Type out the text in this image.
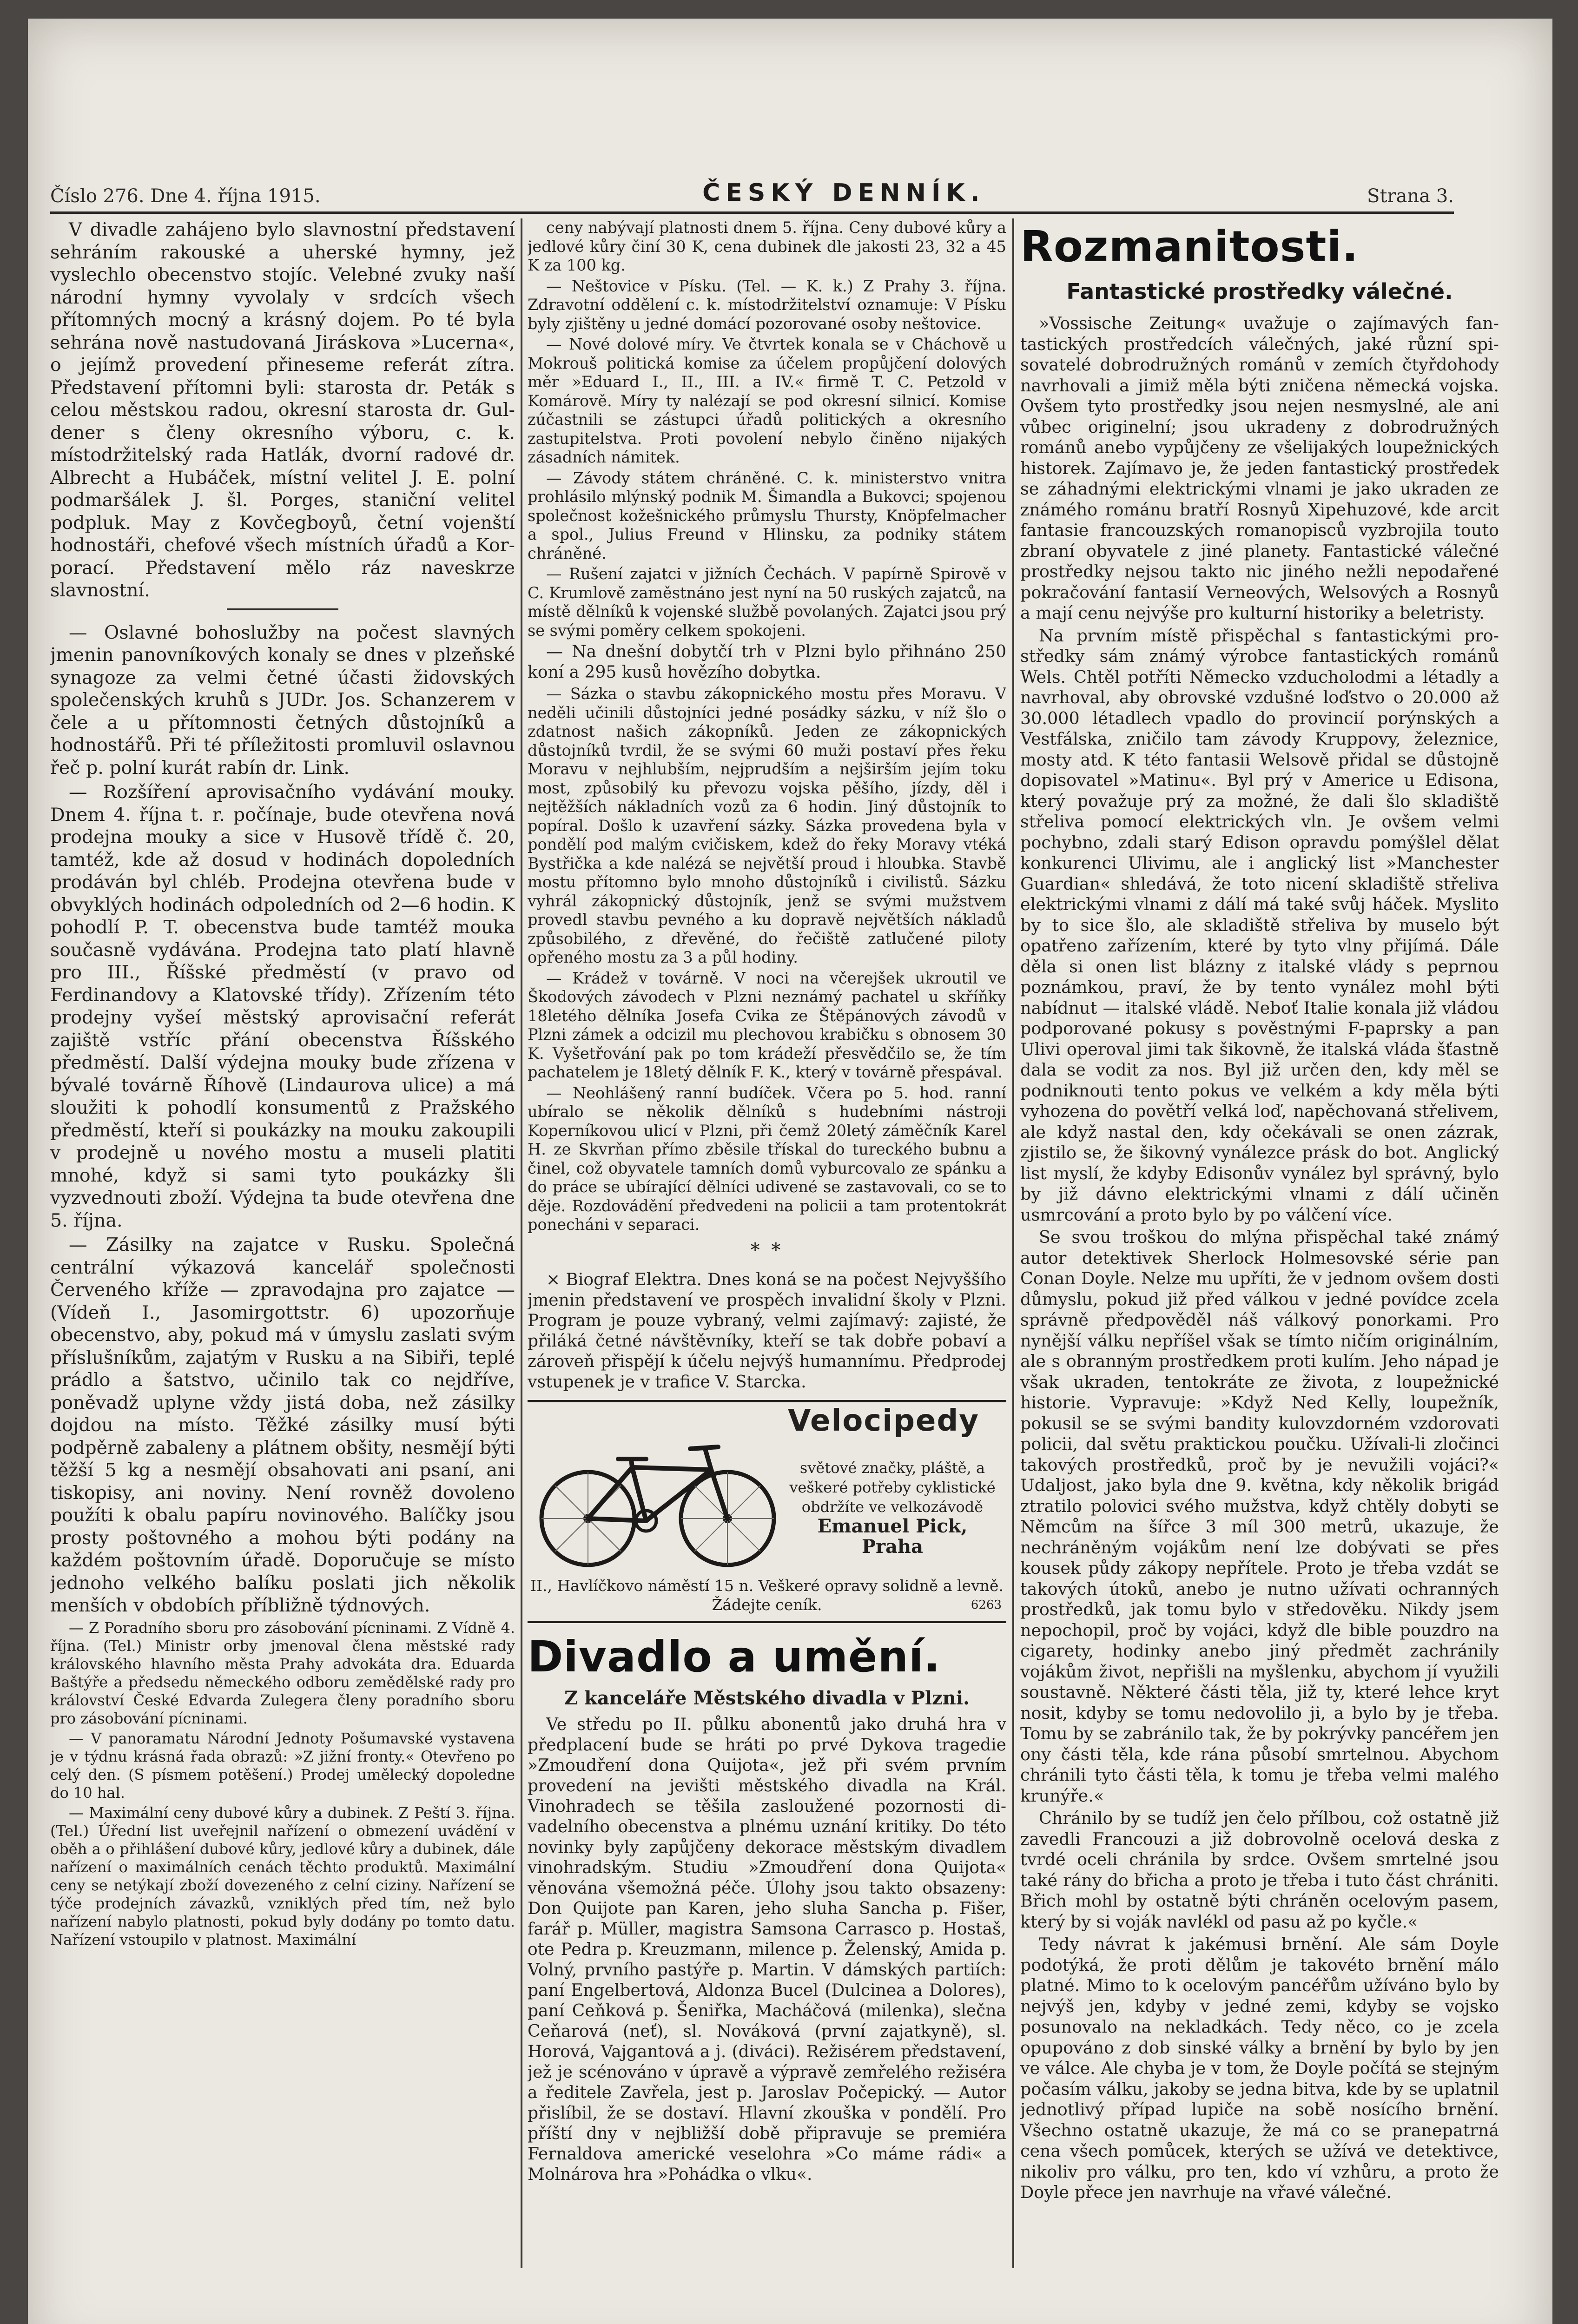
Číslo 276. Dne 4. října 1915.	ČESKÝ DENNÍK.	Strana 3.

V divadle zahájeno bylo slavnostní představení sehráním rakouské a uherské hymny, jež vyslechlo obecenstvo stojíc. Velebné zvuky naší národní hymny vyvolaly v srdcích všech přítomných mocný a krásný dojem. Po té byla sehrána nově nastudovaná Jiráskova »Lucerna«, o jejímž provedení přineseme referát zítra. Představení přítomni byli: starosta dr. Peták s celou městskou radou, okresní starosta dr. Guldener s členy okresního výboru, c. k. místodržitelský rada Hatlák, dvorní radové dr. Albrecht a Hubáček, místní velitel J. E. polní podmaršálek J. šl. Porges, staniční velitel podpluk. May z Kovčegboyů, četní vojenští hodnostáři, chefové všech místních úřadů a Korporací. Představení mělo ráz naveskrze slavnostní.

— Oslavné bohoslužby na počest slavných jmenin panovníkových konaly se dnes v plzeňské synagoze za velmi četné účasti židovských společenských kruhů s JUDr. Jos. Schanzerem v čele a u přítomnosti četných důstojníků a hodnostářů. Při té příležitosti promluvil oslavnou řeč p. polní kurát rabín dr. Link.

— Rozšíření aprovisačního vydávání mouky. Dnem 4. října t. r. počínaje, bude otevřena nová prodejna mouky a sice v Husově třídě č. 20, tamtéž, kde až dosud v hodinách dopoledních prodáván byl chléb. Prodejna otevřena bude v obvyklých hodinách odpoledních od 2—6 hodin. K pohodlí P. T. obecenstva bude tamtéž mouka současně vydávána. Prodejna tato platí hlavně pro III., Říšské předměstí (v pravo od Ferdinandovy a Klatovské třídy). Zřízením této prodejny vyšeí městský aprovisační referát zajiště vstříc přání obecenstva Říšského předměstí. Další výdejna mouky bude zřízena v bývalé továrně Říhově (Lindaurova ulice) a má sloužiti k pohodlí konsumentů z Pražského předměstí, kteří si poukázky na mouku zakoupili v prodejně u nového mostu a museli platiti mnohé, když si sami tyto poukázky šli vyzvednouti zboží. Výdejna ta bude otevřena dne 5. října.

— Zásilky na zajatce v Rusku. Společná centrální výkazová kancelář společnosti Červeného kříže — zpravodajna pro zajatce — (Vídeň I., Jasomirgottstr. 6) upozorňuje obecenstvo, aby, pokud má v úmyslu zaslati svým příslušníkům, zajatým v Rusku a na Sibiři, teplé prádlo a šatstvo, učinilo tak co nejdříve, poněvadž uplyne vždy jistá doba, než zásilky dojdou na místo. Těžké zásilky musí býti podpěrně zabaleny a plátnem obšity, nesmějí býti těžší 5 kg a nesmějí obsahovati ani psaní, ani tiskopisy, ani noviny. Není rovněž dovoleno použíti k obalu papíru novinového. Balíčky jsou prosty poštovného a mohou býti podány na každém poštovním úřadě. Doporučuje se místo jednoho velkého balíku poslati jich několik menších v obdobích příbližně týdnových.

— Z Poradního sboru pro zásobování pícninami. Z Vídně 4. října. (Tel.) Ministr orby jmenoval člena městské rady královského hlavního města Prahy advokáta dra. Eduarda Baštýře a předsedu německého odboru zemědělské rady pro království České Edvarda Zulegera členy poradního sboru pro zásobování pícninami.

— V panoramatu Národní Jednoty Pošumavské vystavena je v týdnu krásná řada obrazů: »Z jižní fronty.« Otevřeno po celý den. (S písmem potěšení.) Prodej umělecký dopoledne do 10 hal.

— Maximální ceny dubové kůry a dubinek. Z Peští 3. října. (Tel.) Úřední list uveřejnil nařízení o obmezení uvádění v oběh a o přihlášení dubové kůry, jedlové kůry a dubinek, dále nařízení o maximálních cenách těchto produktů. Maximální ceny se netýkají zboží dovezeného z celní ciziny. Nařízení se týče prodejních závazků, vzniklých před tím, než bylo nařízení nabylo platnosti, pokud byly dodány po tomto datu. Nařízení vstoupilo v platnost. Maximální

ceny nabývají platnosti dnem 5. října. Ceny dubové kůry a jedlové kůry činí 30 K, cena dubinek dle jakosti 23, 32 a 45 K za 100 kg.

— Neštovice v Písku. (Tel. — K. k.) Z Prahy 3. října. Zdravotní oddělení c. k. místodržitelství oznamuje: V Písku byly zjištěny u jedné domácí pozorované osoby neštovice.

— Nové dolové míry. Ve čtvrtek konala se v Cháchově u Mokrouš politická komise za účelem propůjčení dolových měr »Eduard I., II., III. a IV.« firmě T. C. Petzold v Komárově. Míry ty nalézají se pod okresní silnicí. Komise zúčastnili se zástupci úřadů politických a okresního zastupitelstva. Proti povolení nebylo činěno nijakých zásadních námitek.

— Závody státem chráněné. C. k. ministerstvo vnitra prohlásilo mlýnský podnik M. Šimandla a Bukovci; spojenou společnost kožešnického průmyslu Thursty, Knöpfelmacher a spol., Julius Freund v Hlinsku, za podniky státem chráněné.

— Rušení zajatci v jižních Čechách. V papírně Spirově v C. Krumlově zaměstnáno jest nyní na 50 ruských zajatců, na místě dělníků k vojenské službě povolaných. Zajatci jsou prý se svými poměry celkem spokojeni.

— Na dnešní dobytčí trh v Plzni bylo přihnáno 250 koní a 295 kusů hovězího dobytka.

— Sázka o stavbu zákopnického mostu přes Moravu. V neděli učinili důstojníci jedné posádky sázku, v níž šlo o zdatnost našich zákopníků. Jeden ze zákopnických důstojníků tvrdil, že se svými 60 muži postaví přes řeku Moravu v nejhlubším, nejprudším a nejširším jejím toku most, způsobilý ku převozu vojska pěšího, jízdy, děl i nejtěžších nákladních vozů za 6 hodin. Jiný důstojník to popíral. Došlo k uzavření sázky. Sázka provedena byla v pondělí pod malým cvičiskem, kdež do řeky Moravy vtéká Bystřička a kde nalézá se největší proud i hloubka. Stavbě mostu přítomno bylo mnoho důstojníků i civilistů. Sázku vyhrál zákopnický důstojník, jenž se svými mužstvem provedl stavbu pevného a ku dopravě největších nákladů způsobilého, z dřevěné, do řečiště zatlučené piloty opřeného mostu za 3 a půl hodiny.

— Krádež v továrně. V noci na včerejšek ukroutil ve Škodových závodech v Plzni neznámý pachatel u skříňky 18letého dělníka Josefa Cvika ze Štěpánových závodů v Plzni zámek a odcizil mu plechovou krabičku s obnosem 30 K. Vyšetřování pak po tom krádeží přesvědčilo se, že tím pachatelem je 18letý dělník F. K., který v továrně přespával.

— Neohlášený ranní budíček. Včera po 5. hod. ranní ubíralo se několik dělníků s hudebními nástroji Koperníkovou ulicí v Plzni, při čemž 20letý záměčník Karel H. ze Skvrňan přímo zběsile třískal do tureckého bubnu a činel, což obyvatele tamních domů vyburcovalo ze spánku a do práce se ubírající dělníci udivené se zastavovali, co se to děje. Rozdovádění předvedeni na policii a tam protentokrát ponecháni v separaci.

* *

× Biograf Elektra. Dnes koná se na počest Nejvyššího jmenin představení ve prospěch invalidní školy v Plzni. Program je pouze vybraný, velmi zajímavý: zajisté, že přiláká četné návštěvníky, kteří se tak dobře pobaví a zároveň přispějí k účelu nejvýš humannímu. Předprodej vstupenek je v trafice V. Starcka.

Velocipedy
světové značky, pláště, a veškeré potřeby cyklistické obdržíte ve velkozávodě
Emanuel Pick, Praha
II., Havlíčkovo náměstí 15 n. Veškeré opravy solidně a levně. Žádejte ceník.	6263
Divadlo a umění.
Z kanceláře Městského divadla v Plzni.

Ve středu po II. půlku abonentů jako druhá hra v předplacení bude se hráti po prvé Dykova tragedie »Zmoudření dona Quijota«, jež při svém prvním provedení na jevišti městského divadla na Král. Vinohradech se těšila zasloužené pozornosti divadelního obecenstva a plnému uznání kritiky. Do této novinky byly zapůjčeny dekorace městským divadlem vinohradským. Studiu »Zmoudření dona Quijota« věnována všemožná péče. Úlohy jsou takto obsazeny: Don Quijote pan Karen, jeho sluha Sancha p. Fišer, farář p. Müller, magistra Samsona Carrasco p. Hostaš, ote Pedra p. Kreuzmann, milence p. Želenský, Amida p. Volný, prvního pastýře p. Martin. V dámských partiích: paní Engelbertová, Aldonza Bucel (Dulcinea a Dolores), paní Ceňková p. Šeniřka, Macháčová (milenka), slečna Ceňarová (neť), sl. Nováková (první zajatkyně), sl. Horová, Vajgantová a j. (diváci). Režisérem představení, jež je scénováno v úpravě a výpravě zemřelého režiséra a ředitele Zavřela, jest p. Jaroslav Počepický. — Autor přislíbil, že se dostaví. Hlavní zkouška v pondělí. Pro příští dny v nejbližší době připravuje se premiéra Fernaldova americké veselohra »Co máme rádi« a Molnárova hra »Pohádka o vlku«.

Rozmanitosti.
Fantastické prostředky válečné.

»Vossische Zeitung« uvažuje o zajímavých fantastických prostředcích válečných, jaké různí spisovatelé dobrodružných románů v zemích čtyřdohody navrhovali a jimiž měla býti zničena německá vojska. Ovšem tyto prostředky jsou nejen nesmyslné, ale ani vůbec originelní; jsou ukradeny z dobrodružných románů anebo vypůjčeny ze všelijakých loupežnických historek. Zajímavo je, že jeden fantastický prostředek se záhadnými elektrickými vlnami je jako ukraden ze známého románu bratří Rosnyů Xipehuzové, kde arcit fantasie francouzských romanopisců vyzbrojila touto zbraní obyvatele z jiné planety. Fantastické válečné prostředky nejsou takto nic jiného nežli nepodařené pokračování fantasií Verneových, Welsových a Rosnyů a mají cenu nejvýše pro kulturní historiky a beletristy.

Na prvním místě přispěchal s fantastickými prostředky sám známý výrobce fantastických románů Wels. Chtěl potříti Německo vzducholodmi a létadly a navrhoval, aby obrovské vzdušné loďstvo o 20.000 až 30.000 létadlech vpadlo do provincií porýnských a Vestfálska, zničilo tam závody Kruppovy, železnice, mosty atd. K této fantasii Welsově přidal se důstojně dopisovatel »Matinu«. Byl prý v Americe u Edisona, který považuje prý za možné, že dali šlo skladiště střeliva pomocí elektrických vln. Je ovšem velmi pochybno, zdali starý Edison opravdu pomýšlel dělat konkurenci Ulivimu, ale i anglický list »Manchester Guardian« shledává, že toto nicení skladiště střeliva elektrickými vlnami z dálí má také svůj háček. Myslito by to sice šlo, ale skladiště střeliva by muselo být opatřeno zařízením, které by tyto vlny přijímá. Dále děla si onen list blázny z italské vlády s peprnou poznámkou, praví, že by tento vynález mohl býti nabídnut — italské vládě. Neboť Italie konala již vládou podporované pokusy s pověstnými F-paprsky a pan Ulivi operoval jimi tak šikovně, že italská vláda šťastně dala se vodit za nos. Byl již určen den, kdy měl se podniknouti tento pokus ve velkém a kdy měla býti vyhozena do povětří velká loď, napěchovaná střelivem, ale když nastal den, kdy očekávali se onen zázrak, zjistilo se, že šikovný vynálezce prásk do bot. Anglický list myslí, že kdyby Edisonův vynález byl správný, bylo by již dávno elektrickými vlnami z dálí učiněn usmrcování a proto bylo by po válčení více.

Se svou troškou do mlýna přispěchal také známý autor detektivek Sherlock Holmesovské série pan Conan Doyle. Nelze mu upříti, že v jednom ovšem dosti důmyslu, pokud již před válkou v jedné povídce zcela správně předpověděl náš válkový ponorkami. Pro nynější válku nepříšel však se tímto ničím originálním, ale s obranným prostředkem proti kulím. Jeho nápad je však ukraden, tentokráte ze života, z loupežnické historie. Vypravuje: »Když Ned Kelly, loupežník, pokusil se se svými bandity kulovzdorném vzdorovati policii, dal světu praktickou poučku. Užívali-li zločinci takových prostředků, proč by je nevužili vojáci?« Udaljost, jako byla dne 9. května, kdy několik brigád ztratilo polovici svého mužstva, když chtěly dobyti se Němcům na šířce 3 míl 300 metrů, ukazuje, že nechráněným vojákům není lze dobývati se přes kousek půdy zákopy nepřítele. Proto je třeba vzdát se takových útoků, anebo je nutno užívati ochranných prostředků, jak tomu bylo v středověku. Nikdy jsem nepochopil, proč by vojáci, když dle bible pouzdro na cigarety, hodinky anebo jiný předmět zachránily vojákům život, nepřišli na myšlenku, abychom jí využili soustavně. Některé části těla, již ty, které lehce kryt nosit, kdyby se tomu nedovolilo ji, a bylo by je třeba. Tomu by se zabránilo tak, že by pokrývky pancéřem jen ony části těla, kde rána působí smrtelnou. Abychom chránili tyto části těla, k tomu je třeba velmi malého krunýře.«

Chránilo by se tudíž jen čelo přílbou, což ostatně již zavedli Francouzi a již dobrovolně ocelová deska z tvrdé oceli chránila by srdce. Ovšem smrtelné jsou také rány do břicha a proto je třeba i tuto část chrániti. Břich mohl by ostatně býti chráněn ocelovým pasem, který by si voják navlékl od pasu až po kyčle.«

Tedy návrat k jakémusi brnění. Ale sám Doyle podotýká, že proti dělům je takovéto brnění málo platné. Mimo to k ocelovým pancéřům užíváno bylo by nejvýš jen, kdyby v jedné zemi, kdyby se vojsko posunovalo na nekladkách. Tedy něco, co je zcela opupováno z dob sinské války a brnění by bylo by jen ve válce. Ale chyba je v tom, že Doyle počítá se stejným počasím válku, jakoby se jedna bitva, kde by se uplatnil jednotlivý případ lupiče na sobě nosícího brnění. Všechno ostatně ukazuje, že má co se pranepatrná cena všech pomůcek, kterých se užívá ve detektivce, nikoliv pro válku, pro ten, kdo ví vzhůru, a proto že Doyle přece jen navrhuje na vřavé válečné.
